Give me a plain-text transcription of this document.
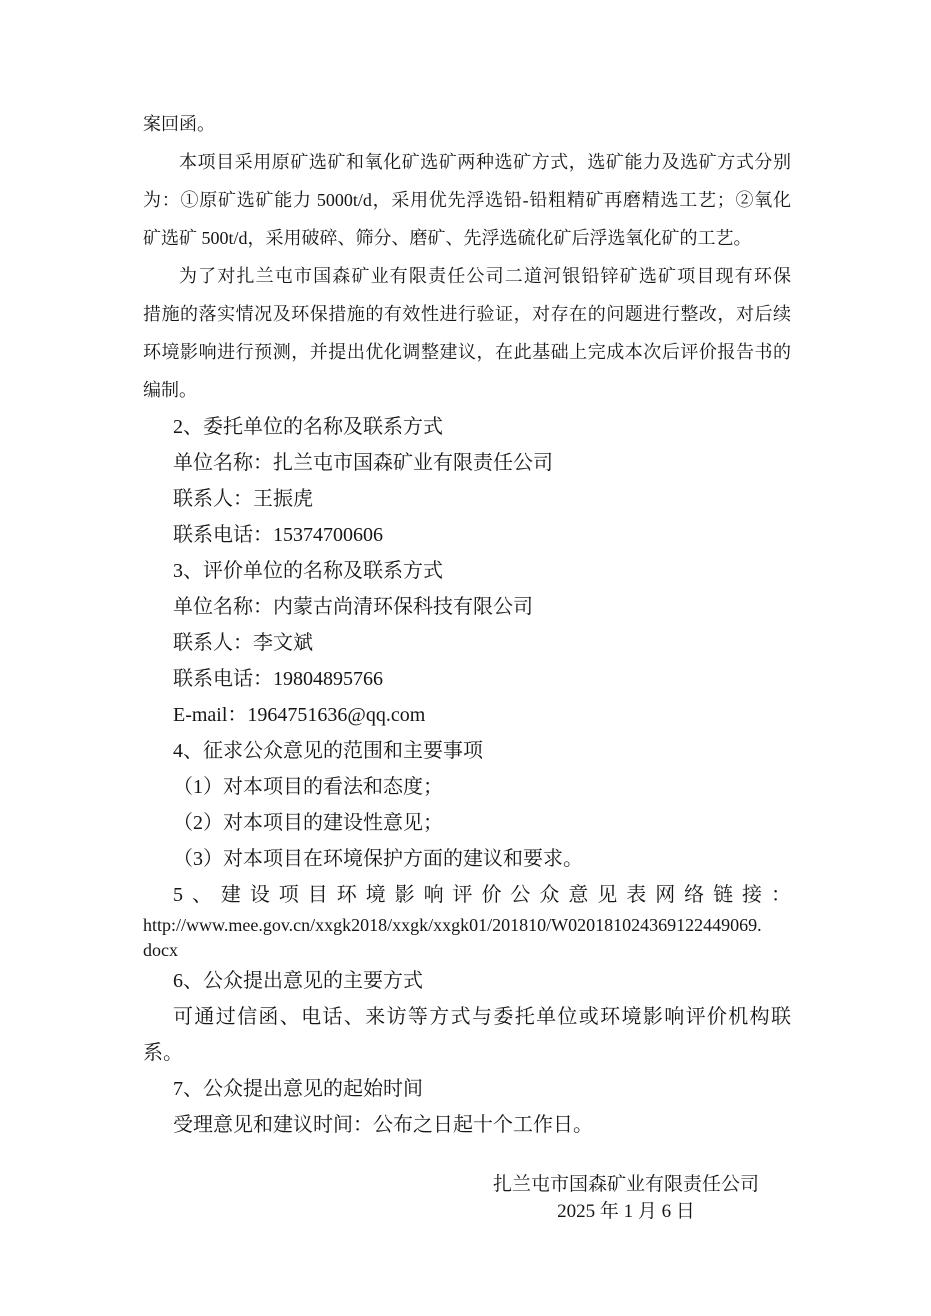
案回函。
本项目采用原矿选矿和氧化矿选矿两种选矿方式，选矿能力及选矿方式分别
为：①原矿选矿能力 5000t/d，采用优先浮选铅-铅粗精矿再磨精选工艺；②氧化
矿选矿 500t/d，采用破碎、筛分、磨矿、先浮选硫化矿后浮选氧化矿的工艺。
为了对扎兰屯市国森矿业有限责任公司二道河银铅锌矿选矿项目现有环保
措施的落实情况及环保措施的有效性进行验证，对存在的问题进行整改，对后续
环境影响进行预测，并提出优化调整建议，在此基础上完成本次后评价报告书的
编制。
2、委托单位的名称及联系方式
单位名称：扎兰屯市国森矿业有限责任公司
联系人：王振虎
联系电话：15374700606
3、评价单位的名称及联系方式
单位名称：内蒙古尚清环保科技有限公司
联系人：李文斌
联系电话：19804895766
E-mail：1964751636@qq.com
4、征求公众意见的范围和主要事项
（1）对本项目的看法和态度；
（2）对本项目的建设性意见；
（3）对本项目在环境保护方面的建议和要求。
5、建设项目环境影响评价公众意见表网络链接：
http://www.mee.gov.cn/xxgk2018/xxgk/xxgk01/201810/W020181024369122449069.
docx
6、公众提出意见的主要方式
可通过信函、电话、来访等方式与委托单位或环境影响评价机构联系。
7、公众提出意见的起始时间
受理意见和建议时间：公布之日起十个工作日。
扎兰屯市国森矿业有限责任公司
2025 年 1 月 6 日
